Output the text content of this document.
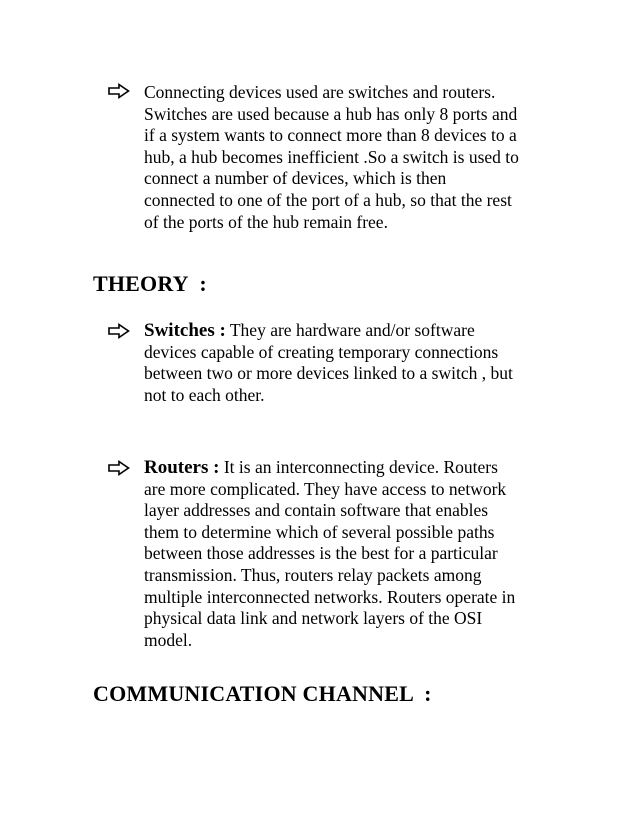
Connecting devices used are switches and routers.
Switches are used because a hub has only 8 ports and
if a system wants to connect more than 8 devices to a
hub, a hub becomes inefficient .So a switch is used to
connect a number of devices, which is then
connected to one of the port of a hub, so that the rest
of the ports of the hub remain free.
THEORY  :
Switches : They are hardware and/or software
devices capable of creating temporary connections
between two or more devices linked to a switch , but
not to each other.
Routers : It is an interconnecting device. Routers
are more complicated. They have access to network
layer addresses and contain software that enables
them to determine which of several possible paths
between those addresses is the best for a particular
transmission. Thus, routers relay packets among
multiple interconnected networks. Routers operate in
physical data link and network layers of the OSI
model.
COMMUNICATION CHANNEL  :
